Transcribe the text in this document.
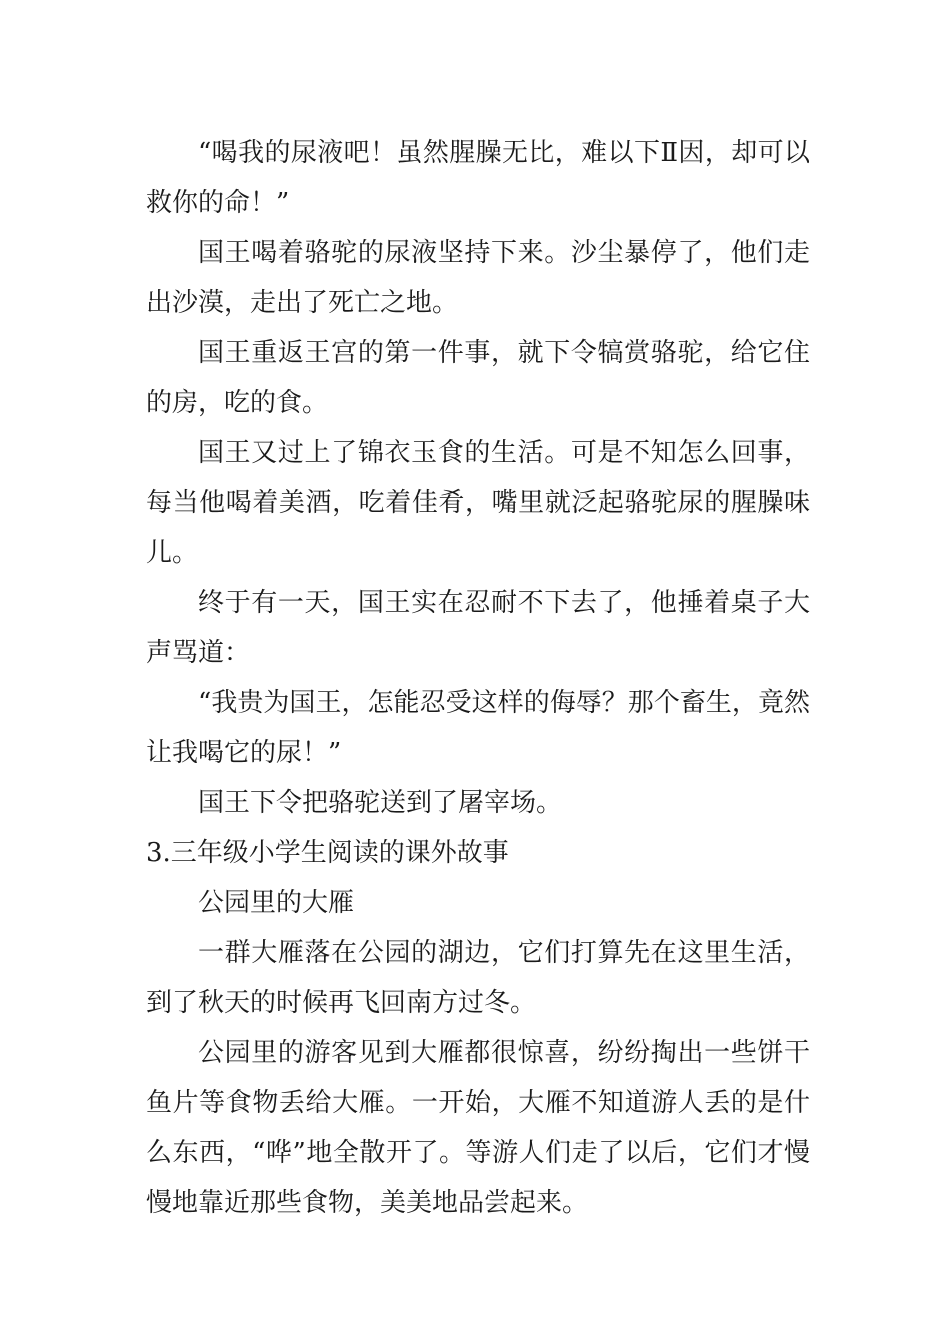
“喝我的尿液吧！虽然腥臊无比，难以下Ⅱ因，却可以救你的命！”

国王喝着骆驼的尿液坚持下来。沙尘暴停了，他们走出沙漠，走出了死亡之地。

国王重返王宫的第一件事，就下令犒赏骆驼，给它住的房，吃的食。

国王又过上了锦衣玉食的生活。可是不知怎么回事，每当他喝着美酒，吃着佳肴，嘴里就泛起骆驼尿的腥臊味儿。

终于有一天，国王实在忍耐不下去了，他捶着桌子大声骂道：

“我贵为国王，怎能忍受这样的侮辱？那个畜生，竟然让我喝它的尿！”

国王下令把骆驼送到了屠宰场。

3.三年级小学生阅读的课外故事

公园里的大雁

一群大雁落在公园的湖边，它们打算先在这里生活，到了秋天的时候再飞回南方过冬。

公园里的游客见到大雁都很惊喜，纷纷掏出一些饼干鱼片等食物丢给大雁。一开始，大雁不知道游人丢的是什么东西，“哗”地全散开了。等游人们走了以后，它们才慢慢地靠近那些食物，美美地品尝起来。
